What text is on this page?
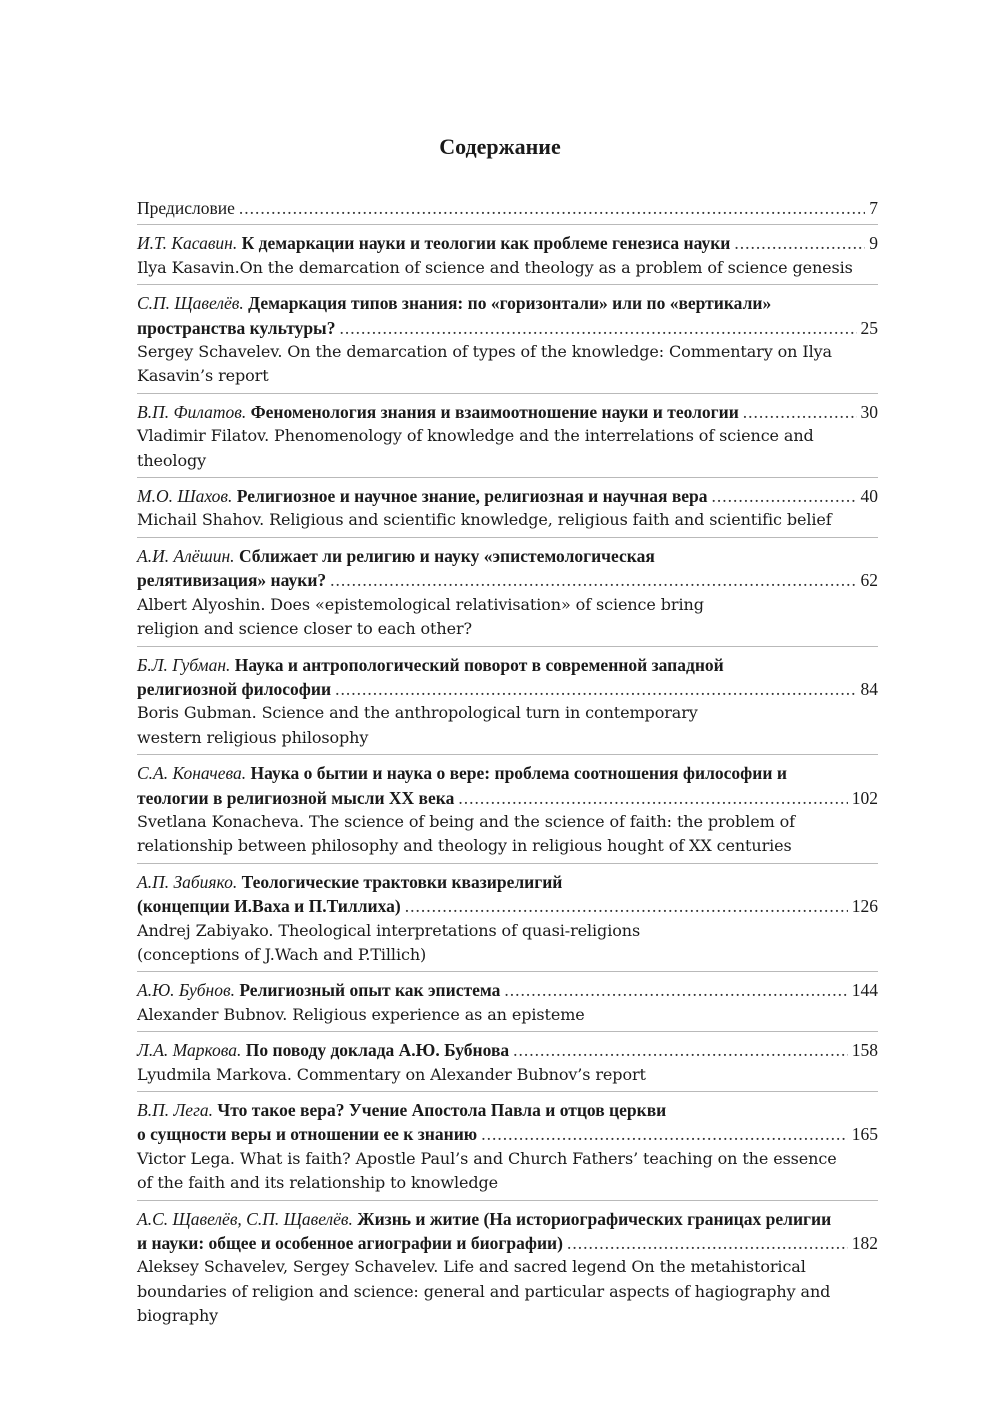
Содержание
Предисловие .....	7
И.Т. Касавин. К демаркации науки и теологии как проблеме генезиса науки .....	9
Ilya Kasavin.On the demarcation of science and theology as a problem of science genesis
С.П. Щавелёв. Демаркация типов знания: по «горизонтали» или по «вертикали»
пространства культуры? .....	25
Sergey Schavelev. On the demarcation of types of the knowledge: Commentary on Ilya
Kasavin’s report
В.П. Филатов. Феноменология знания и взаимоотношение науки и теологии .....	30
Vladimir Filatov. Phenomenology of knowledge and the interrelations of science and theology
М.О. Шахов. Религиозное и научное знание, религиозная и научная вера .....	40
Michail Shahov. Religious and scientific knowledge, religious faith and scientific belief
А.И. Алёшин. Сближает ли религию и науку «эпистемологическая
релятивизация» науки? .....	62
Albert Alyoshin. Does «epistemological relativisation» of science bring
religion and science closer to each other?
Б.Л. Губман. Наука и антропологический поворот в современной западной
религиозной философии .....	84
Boris Gubman. Science and the anthropological turn in contemporary
western religious philosophy
С.А. Коначева. Наука о бытии и наука о вере: проблема соотношения философии и
теологии в религиозной мысли XX века .....	102
Svetlana Konacheva. The science of being and the science of faith: the problem of
relationship between philosophy and theology in religious hought of XX centuries
А.П. Забияко. Теологические трактовки квазирелигий
(концепции И.Ваха и П.Тиллиха) .....	126
Andrej Zabiyako. Theological interpretations of quasi-religions
(conceptions of J.Wach and P.Tillich)
А.Ю. Бубнов. Религиозный опыт как эпистема .....	144
Alexander Bubnov. Religious experience as an episteme
Л.А. Маркова. По поводу доклада А.Ю. Бубнова .....	158
Lyudmila Markova. Commentary on Alexander Bubnov’s report
В.П. Лега. Что такое вера? Учение Апостола Павла и отцов церкви
о сущности веры и отношении ее к знанию .....	165
Victor Lega. What is faith? Apostle Paul’s and Church Fathers’ teaching on the essence
of the faith and its relationship to knowledge
А.С. Щавелёв, С.П. Щавелёв. Жизнь и житие (На историографических границах религии
и науки: общее и особенное агиографии и биографии) .....	182
Aleksey Schavelev, Sergey Schavelev. Life and sacred legend On the metahistorical
boundaries of religion and science: general and particular aspects of hagiography and biography
